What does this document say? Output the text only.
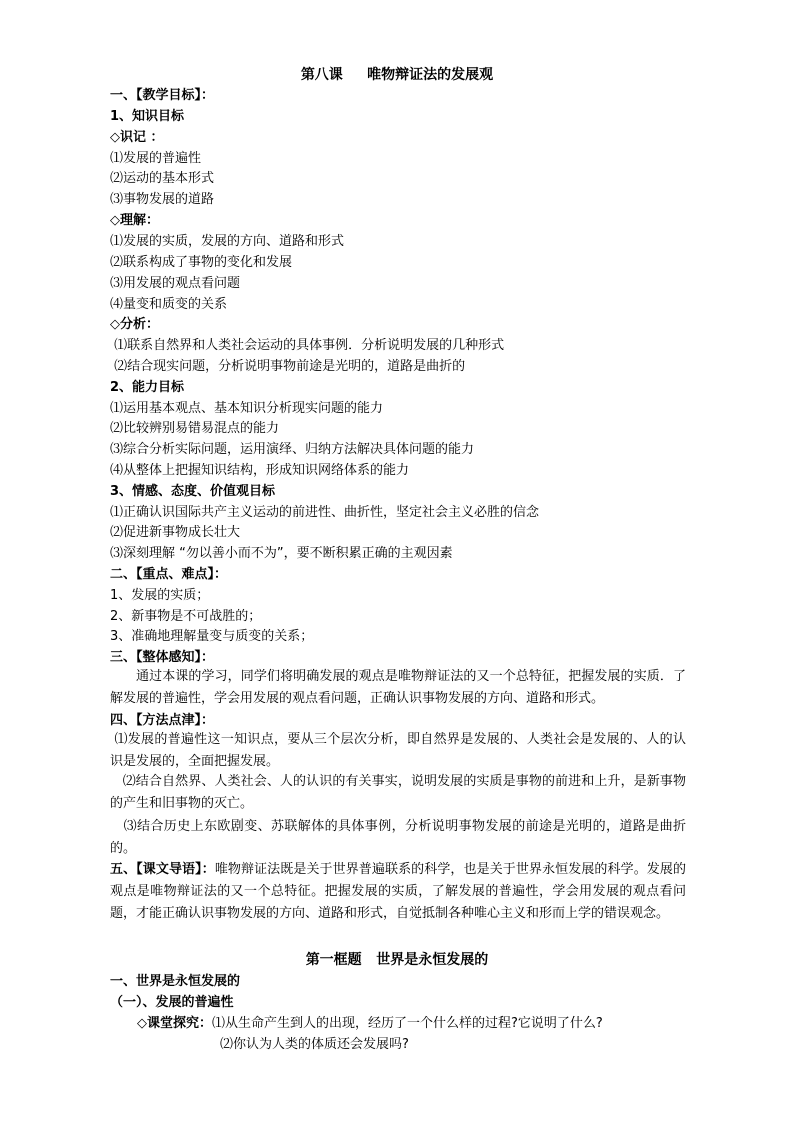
第八课     唯物辩证法的发展观
一、【教学目标】：
1、知识目标
◇识记 ：
⑴发展的普遍性
⑵运动的基本形式
⑶事物发展的道路
◇理解：
⑴发展的实质，发展的方向、道路和形式
⑵联系构成了事物的变化和发展
⑶用发展的观点看问题
⑷量变和质变的关系
◇分析：
⑴联系自然界和人类社会运动的具体事例．分析说明发展的几种形式
⑵结合现实问题，分析说明事物前途是光明的，道路是曲折的
2、能力目标
⑴运用基本观点、基本知识分析现实问题的能力
⑵比较辨别易错易混点的能力
⑶综合分析实际问题，运用演绎、归纳方法解决具体问题的能力
⑷从整体上把握知识结构，形成知识网络体系的能力
3、情感、态度、价值观目标
⑴正确认识国际共产主义运动的前进性、曲折性，坚定社会主义必胜的信念
⑵促进新事物成长壮大
⑶深刻理解 “勿以善小而不为”，要不断积累正确的主观因素
二、【重点、难点】：
1、发展的实质；
2、新事物是不可战胜的；
3、准确地理解量变与质变的关系；
三、【整体感知】：
通过本课的学习，同学们将明确发展的观点是唯物辩证法的又一个总特征，把握发展的实质．了解发展的普遍性，学会用发展的观点看问题，正确认识事物发展的方向、道路和形式。
四、【方法点津】：
⑴发展的普遍性这一知识点，要从三个层次分析，即自然界是发展的、人类社会是发展的、人的认识是发展的，全面把握发展。
⑵结合自然界、人类社会、人的认识的有关事实，说明发展的实质是事物的前进和上升，是新事物的产生和旧事物的灭亡。
⑶结合历史上东欧剧变、苏联解体的具体事例，分析说明事物发展的前途是光明的，道路是曲折的。
五、【课文导语】：唯物辩证法既是关于世界普遍联系的科学，也是关于世界永恒发展的科学。发展的观点是唯物辩证法的又一个总特征。把握发展的实质，了解发展的普遍性，学会用发展的观点看问题，才能正确认识事物发展的方向、道路和形式，自觉抵制各种唯心主义和形而上学的错误观念。
第一框题   世界是永恒发展的
一、世界是永恒发展的
（一）、发展的普遍性
◇课堂探究：⑴从生命产生到人的出现，经历了一个什么样的过程?它说明了什么?
⑵你认为人类的体质还会发展吗?
